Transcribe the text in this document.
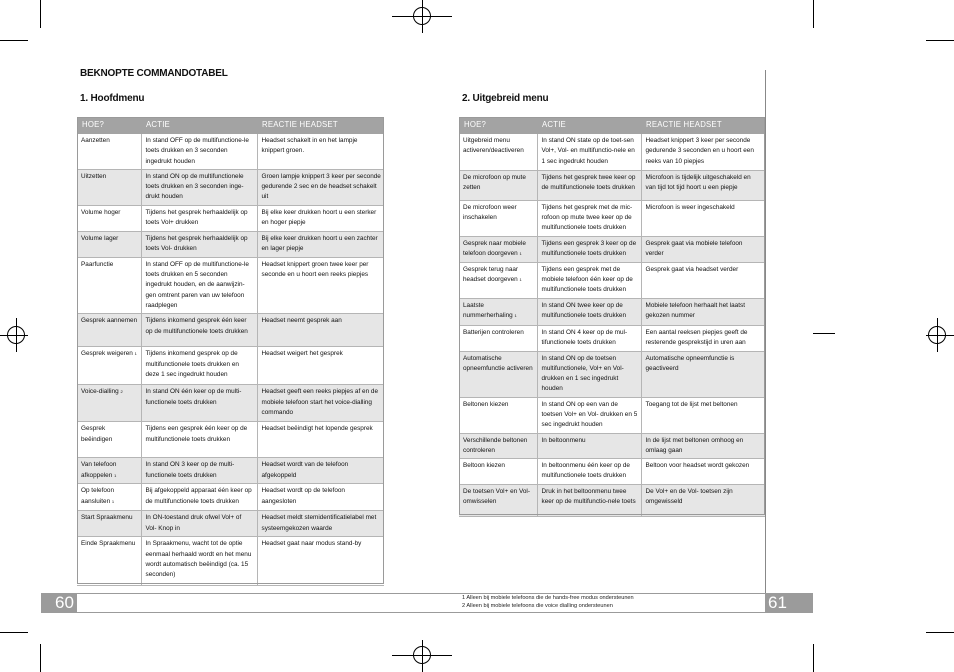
BEKNOPTE COMMANDOTABEL
1. Hoofdmenu
HOE?	ACTIE	REACTIE HEADSET
Aanzetten	In stand OFF op de multifunctione-le toets drukken en 3 seconden ingedrukt houden	Headset schakelt in en het lampje knippert groen.
Uitzetten	In stand ON op de multifunctionele toets drukken en 3 seconden inge-drukt houden	Groen lampje knippert 3 keer per seconde gedurende 2 sec en de headset schakelt uit
Volume hoger	Tijdens het gesprek herhaaldelijk op toets Vol+ drukken	Bij elke keer drukken hoort u een sterker en hoger piepje
Volume lager	Tijdens het gesprek herhaaldelijk op toets Vol- drukken	Bij elke keer drukken hoort u een zachter en lager piepje
Paarfunctie	In stand OFF op de multifunctione-le toets drukken en 5 seconden ingedrukt houden, en de aanwijzin-gen omtrent paren van uw telefoon raadplegen	Headset knippert groen twee keer per seconde en u hoort een reeks piepjes
Gesprek aannemen	Tijdens inkomend gesprek één keer op de multifunctionele toets drukken	Headset neemt gesprek aan
Gesprek weigeren $^1$	Tijdens inkomend gesprek op de multifunctionele toets drukken en deze 1 sec ingedrukt houden	Headset weigert het gesprek
Voice-dialling $^2$	In stand ON één keer op de multi-functionele toets drukken	Headset geeft een reeks piepjes af en de mobiele telefoon start het voice-dialling commando
Gesprek beëindigen	Tijdens een gesprek één keer op de multifunctionele toets drukken	Headset beëindigt het lopende gesprek
Van telefoon afkoppelen $^1$	In stand ON 3 keer op de multi-functionele toets drukken	Headset wordt van de telefoon afgekoppeld
Op telefoon aansluiten $^1$	Bij afgekoppeld apparaat één keer op de multifunctionele toets drukken	Headset wordt op de telefoon aangesloten
Start Spraakmenu	In ON-toestand druk ofwel Vol+ of Vol- Knop in	Headset meldt stemidentificatielabel met systeemgekozen waarde
Einde Spraakmenu	In Spraakmenu, wacht tot de optie eenmaal herhaald wordt en het menu wordt automatisch beëindigd (ca. 15 seconden)	Headset gaat naar modus stand-by
2. Uitgebreid menu
HOE?	ACTIE	REACTIE HEADSET
Uitgebreid menu activeren/deactiveren	In stand ON state op de toet-sen Vol+, Vol- en multifunctio-nele en 1 sec ingedrukt houden	Headset knippert 3 keer per seconde gedurende 3 seconden en u hoort een reeks van 10 piepjes
De microfoon op mute zetten	Tijdens het gesprek twee keer op de multifunctionele toets drukken	Microfoon is tijdelijk uitgeschakeld en van tijd tot tijd hoort u een piepje
De microfoon weer inschakelen	Tijdens het gesprek met de mic-rofoon op mute twee keer op de multifunctionele toets drukken	Microfoon is weer ingeschakeld
Gesprek naar mobiele telefoon doorgeven $^1$	Tijdens een gesprek 3 keer op de multifunctionele toets drukken	Gesprek gaat via mobiele telefoon verder
Gesprek terug naar headset doorgeven $^1$	Tijdens een gesprek met de mobiele telefoon één keer op de multifunctionele toets drukken	Gesprek gaat via headset verder
Laatste nummerherhaling $^1$	In stand ON twee keer op de multifunctionele toets drukken	Mobiele telefoon herhaalt het laatst gekozen nummer
Batterijen controleren	In stand ON 4 keer op de mul-tifunctionele toets drukken	Een aantal reeksen piepjes geeft de resterende gesprekstijd in uren aan
Automatische opneemfunctie activeren	In stand ON op de toetsen multifunctionele, Vol+ en Vol- drukken en 1 sec ingedrukt houden	Automatische opneemfunctie is geactiveerd
Beltonen kiezen	In stand ON op een van de toetsen Vol+ en Vol- drukken en 5 sec ingedrukt houden	Toegang tot de lijst met beltonen
Verschillende beltonen controleren	In beltoonmenu	In de lijst met beltonen omhoog en omlaag gaan
Beltoon kiezen	In beltoonmenu één keer op de multifunctionele toets drukken	Beltoon voor headset wordt gekozen
De toetsen Vol+ en Vol- omwisselen	Druk in het beltoonmenu twee keer op de multifunctio-nele toets	De Vol+ en de Vol- toetsen zijn omgewisseld
60	61
1 Alleen bij mobiele telefoons die de hands-free modus ondersteunen
2 Alleen bij mobiele telefoons die voice dialling ondersteunen
